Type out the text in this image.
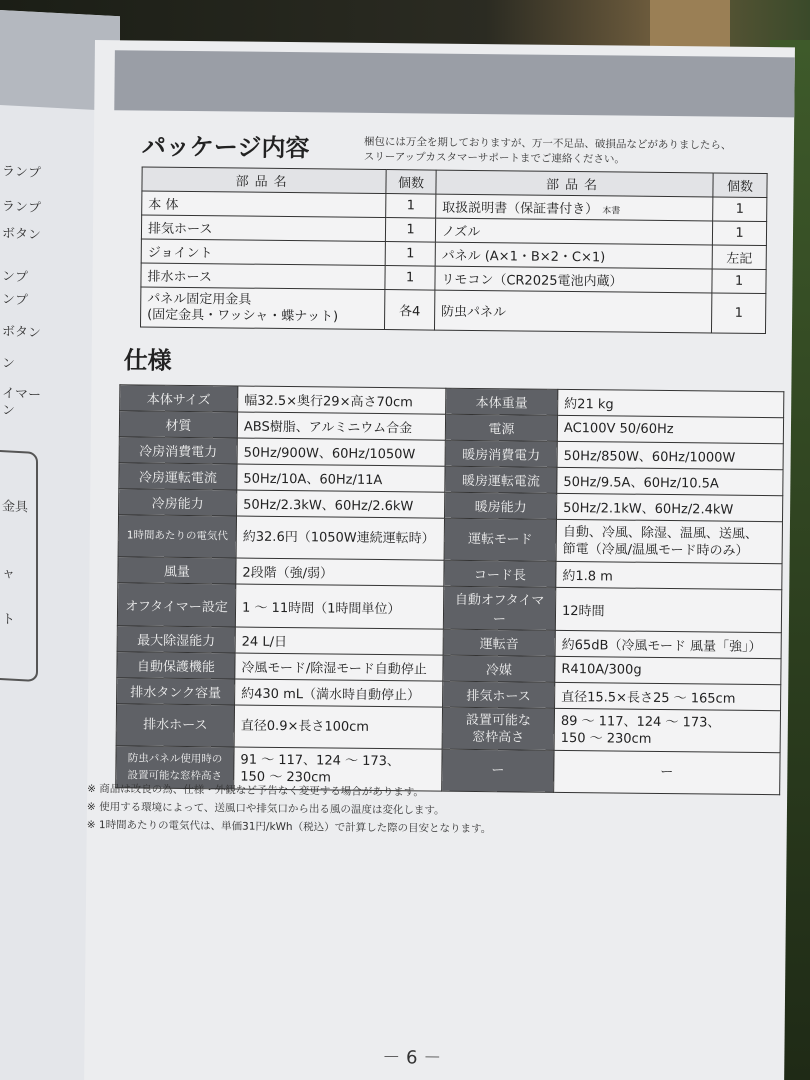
ランプ
ランプ
ボタン
ンプ
ンプ
ボタン
ン
イマー
ン
金具
ャ
ト
パッケージ内容	梱包には万全を期しておりますが、万一不足品、破損品などがありましたら、
スリーアップカスタマーサポートまでご連絡ください。
部品名	個数	部品名	個数
本 体	1	取扱説明書（保証書付き） 本書	1
排気ホース	1	ノズル	1
ジョイント	1	パネル (A×1・B×2・C×1)	左記
排水ホース	1	リモコン（CR2025電池内蔵）	1
パネル固定用金具
(固定金具・ワッシャ・蝶ナット)	各4	防虫パネル	1
仕様
本体サイズ	幅32.5×奥行29×高さ70cm	本体重量	約21 kg
材質	ABS樹脂、アルミニウム合金	電源	AC100V 50/60Hz
冷房消費電力	50Hz/900W、60Hz/1050W	暖房消費電力	50Hz/850W、60Hz/1000W
冷房運転電流	50Hz/10A、60Hz/11A	暖房運転電流	50Hz/9.5A、60Hz/10.5A
冷房能力	50Hz/2.3kW、60Hz/2.6kW	暖房能力	50Hz/2.1kW、60Hz/2.4kW
1時間あたりの電気代	約32.6円（1050W連続運転時）	運転モード	自動、冷風、除湿、温風、送風、
節電（冷風/温風モード時のみ）
風量	2段階（強/弱）	コード長	約1.8 m
オフタイマー設定	1 ～ 11時間（1時間単位）	自動オフタイマー	12時間
最大除湿能力	24 L/日	運転音	約65dB（冷風モード 風量「強」）
自動保護機能	冷風モード/除湿モード自動停止	冷媒	R410A/300g
排水タンク容量	約430 mL（満水時自動停止）	排気ホース	直径15.5×長さ25 ～ 165cm
排水ホース	直径0.9×長さ100cm	設置可能な
窓枠高さ	89 ～ 117、124 ～ 173、
150 ～ 230cm
防虫パネル使用時の
設置可能な窓枠高さ	91 ～ 117、124 ～ 173、
150 ～ 230cm	ー	ー
※ 商品は改良の為、仕様・外観など予告なく変更する場合があります。
※ 使用する環境によって、送風口や排気口から出る風の温度は変化します。
※ 1時間あたりの電気代は、単価31円/kWh（税込）で計算した際の目安となります。
－ 6 －
